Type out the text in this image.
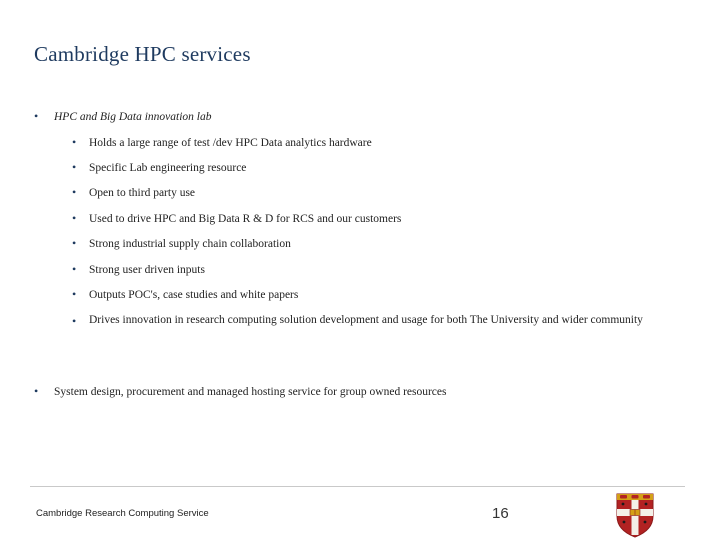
Cambridge HPC services
• HPC and Big Data innovation lab
• Holds a large range of test /dev HPC Data analytics hardware
• Specific Lab engineering resource
• Open to third party use
• Used to drive HPC and Big Data R & D for RCS and our customers
• Strong industrial supply chain collaboration
• Strong user driven inputs
• Outputs POC's, case studies and white papers
• Drives innovation in research computing solution development and usage for both The University and wider community
• System design, procurement and managed hosting service for group owned resources
Cambridge Research Computing Service	16
